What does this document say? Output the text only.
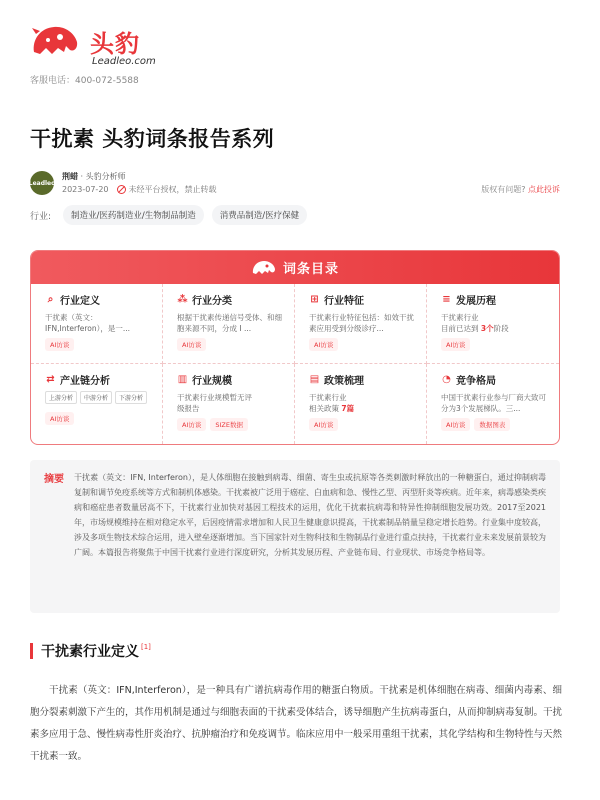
头豹
Leadleo.com
客服电话：400-072-5588
干扰素 头豹词条报告系列
Leadleo
荆蜡 · 头豹分析师
2023-07-20	未经平台授权，禁止转载	版权有问题? 点此投诉
行业:	制造业/医药制造业/生物制品制造	消费品制造/医疗保健
词条目录
⌕ 行业定义
干扰素（英文：IFN,Interferon），是一...
AI访谈
⁂ 行业分类
根据干扰素传递信号受体、和细胞来源不同，分成 I ...
AI访谈
⊞ 行业特征
干扰素行业特征包括：如效干扰素应用受到分级诊疗...
AI访谈
≡ 发展历程
干扰素行业
目前已达到 3个阶段
AI访谈
⇄ 产业链分析
上游分析	中游分析	下游分析
AI访谈
▥ 行业规模
干扰素行业规模暂无评级报告
AI访谈	SIZE数据
▤ 政策梳理
干扰素行业
相关政策 7篇
AI访谈
◔ 竞争格局
中国干扰素行业参与厂商大致可分为3个发展梯队。三...
AI访谈	数据图表
摘要 干扰素（英文：IFN, Interferon），是人体细胞在接触到病毒、细菌、寄生虫或抗原等各类刺激时释放出的一种糖蛋白，通过抑制病毒复制和调节免疫系统等方式和制机体感染。干扰素被广泛用于癌症、白血病和急、慢性乙型、丙型肝炎等疾病。近年来，病毒感染类疾病和癌症患者数量居高不下，干扰素行业加快对基因工程技术的运用，优化干扰素抗病毒和特异性抑制细胞发展功效。2017至2021年，市场规模维持在相对稳定水平，后因疫情需求增加和人民卫生健康意识提高，干扰素制品销量呈稳定增长趋势。行业集中度较高，涉及多项生物技术综合运用，进入壁垒逐渐增加。当下国家针对生物科技和生物制品行业进行重点扶持，干扰素行业未来发展前景较为广阔。本篇报告将聚焦于中国干扰素行业进行深度研究，分析其发展历程、产业链布局、行业现状、市场竞争格局等。
干扰素行业定义 [1]

干扰素（英文：IFN,Interferon），是一种具有广谱抗病毒作用的糖蛋白物质。干扰素是机体细胞在病毒、细菌内毒素、细胞分裂素刺激下产生的，其作用机制是通过与细胞表面的干扰素受体结合，诱导细胞产生抗病毒蛋白，从而抑制病毒复制。干扰素多应用于急、慢性病毒性肝炎治疗、抗肿瘤治疗和免疫调节。临床应用中一般采用重组干扰素，其化学结构和生物特性与天然干扰素一致。
